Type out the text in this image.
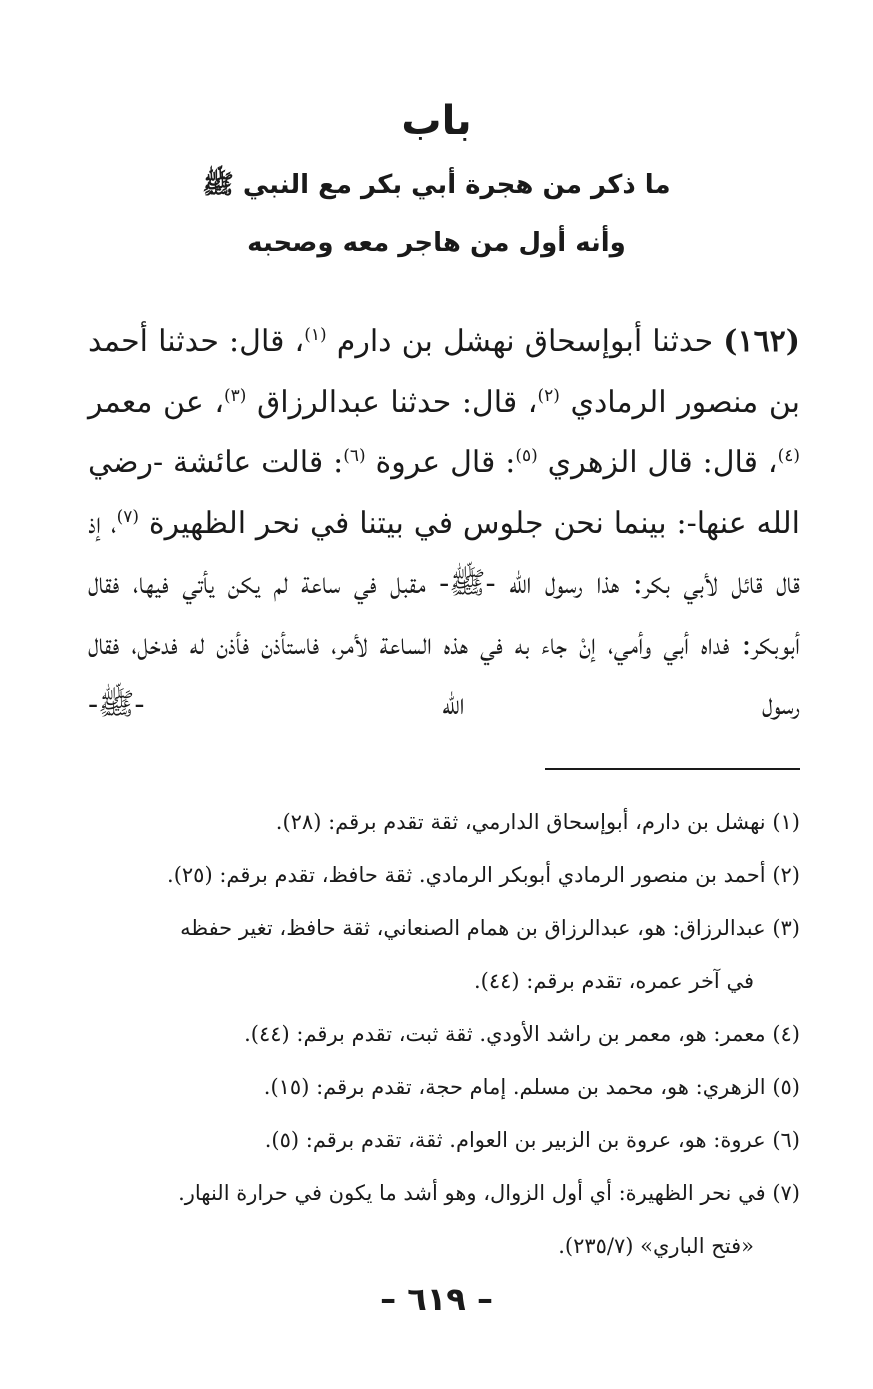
باب
ما ذكر من هجرة أبي بكر مع النبي ﷺ
وأنه أول من هاجر معه وصحبه
(١٦٢) حدثنا أبوإسحاق نهشل بن دارم $^{(١)}$، قال: حدثنا أحمد بن منصور الرمادي $^{(٢)}$، قال: حدثنا عبدالرزاق $^{(٣)}$، عن معمر $^{(٤)}$، قال: قال الزهري $^{(٥)}$: قال عروة $^{(٦)}$: قالت عائشة -رضي الله عنها-: بينما نحن جلوس في بيتنا في نحر الظهيرة $^{(٧)}$، إذ قال قائل لأبي بكر: هذا رسول الله -ﷺ- مقبل في ساعة لم يكن يأتي فيها، فقال أبوبكر: فداه أبي وأمي، إنْ جاء به في هذه الساعة لأمر، فاستأذن فأذن له فدخل، فقال رسول الله -ﷺ-

(١) نهشل بن دارم، أبوإسحاق الدارمي، ثقة تقدم برقم: (٢٨).

(٢) أحمد بن منصور الرمادي أبوبكر الرمادي. ثقة حافظ، تقدم برقم: (٢٥).

(٣) عبدالرزاق: هو، عبدالرزاق بن همام الصنعاني، ثقة حافظ، تغير حفظه
في آخر عمره، تقدم برقم: (٤٤).

(٤) معمر: هو، معمر بن راشد الأودي. ثقة ثبت، تقدم برقم: (٤٤).

(٥) الزهري: هو، محمد بن مسلم. إمام حجة، تقدم برقم: (١٥).

(٦) عروة: هو، عروة بن الزبير بن العوام. ثقة، تقدم برقم: (٥).

(٧) في نحر الظهيرة: أي أول الزوال، وهو أشد ما يكون في حرارة النهار.
«فتح الباري» (٢٣٥/٧).

– ٦١٩ –
